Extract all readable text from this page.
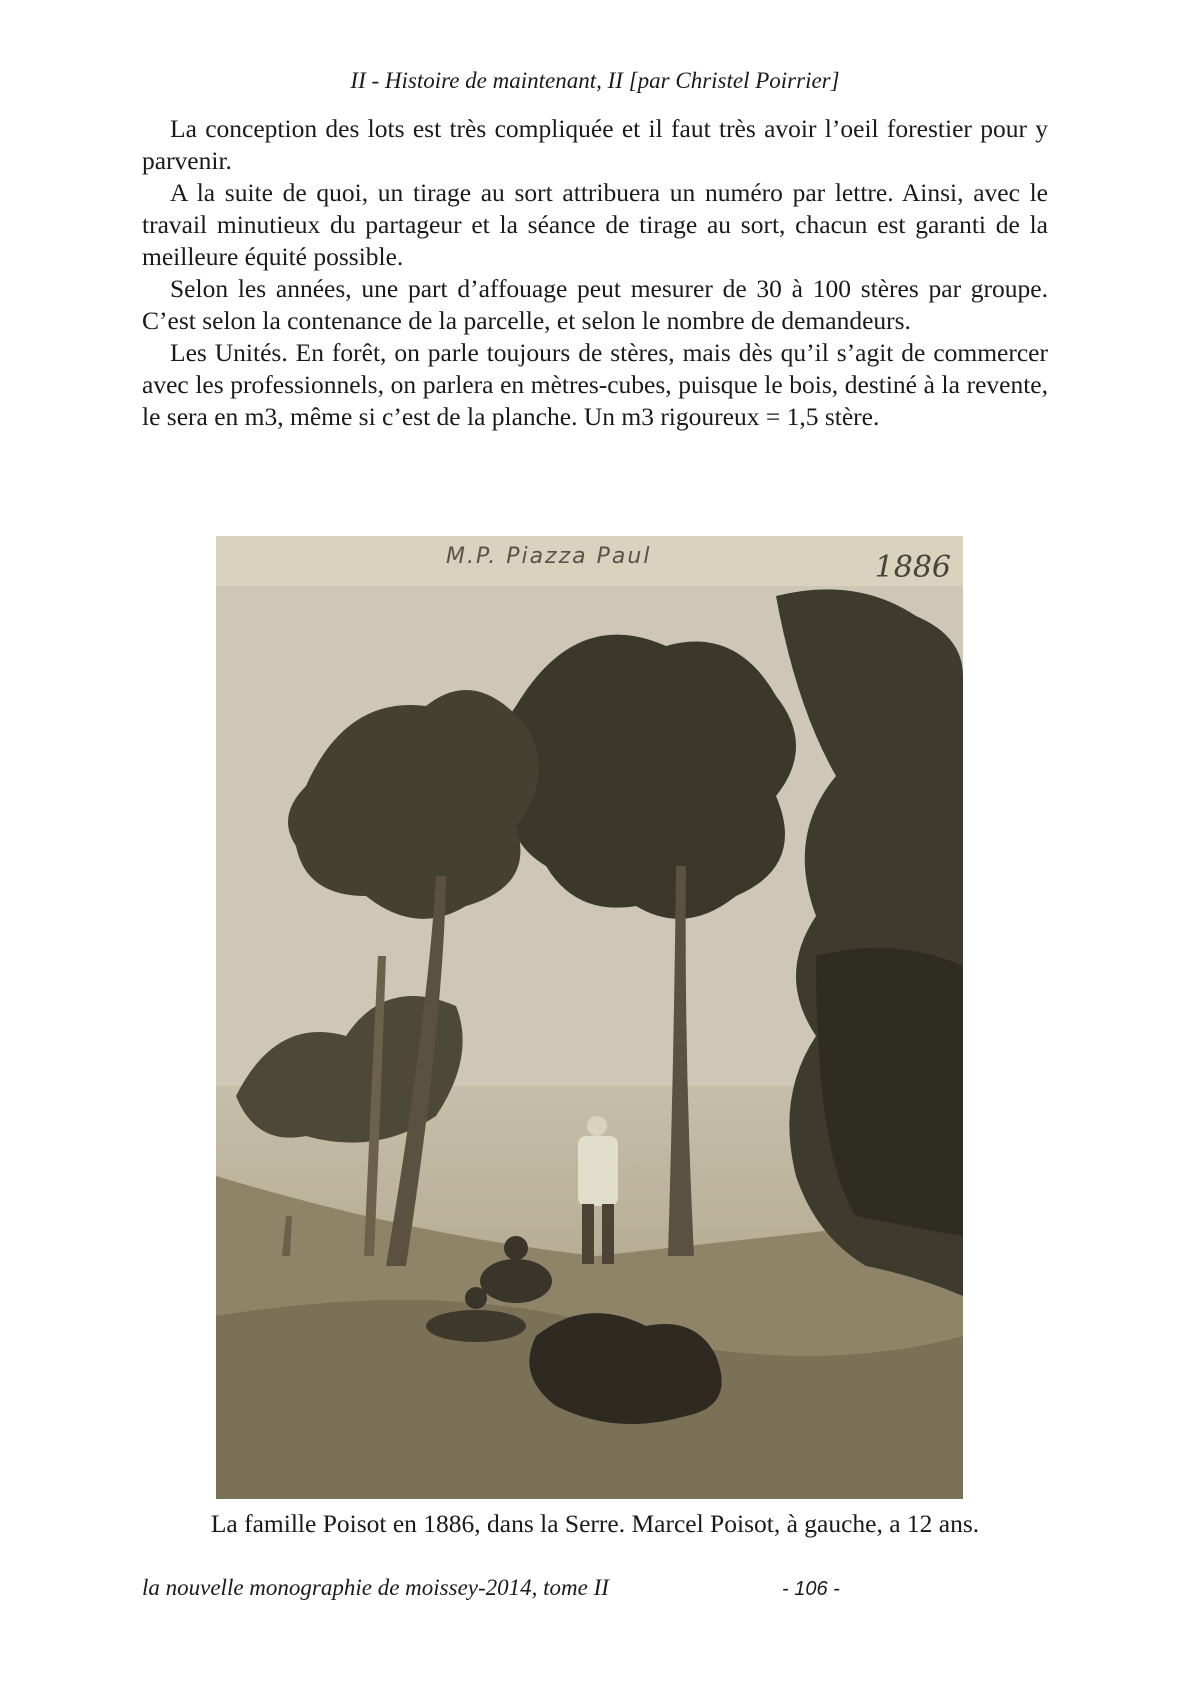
II - Histoire de maintenant, II [par Christel Poirrier]

La conception des lots est très compliquée et il faut très avoir l’oeil forestier pour y parvenir.

A la suite de quoi, un tirage au sort attribuera un numéro par lettre. Ainsi, avec le travail minutieux du partageur et la séance de tirage au sort, chacun est garanti de la meilleure équité possible.

Selon les années, une part d’affouage peut mesurer de 30 à 100 stères par groupe. C’est selon la contenance de la parcelle, et selon le nombre de demandeurs.

Les Unités. En forêt, on parle toujours de stères, mais dès qu’il s’agit de commercer avec les professionnels, on parlera en mètres-cubes, puisque le bois, destiné à la revente, le sera en m3, même si c’est de la planche. Un m3 rigoureux = 1,5 stère.

M.P. Piazza Paul	1886
La famille Poisot en 1886, dans la Serre. Marcel Poisot, à gauche, a 12 ans.
la nouvelle monographie de moissey-2014, tome II	- 106 -
